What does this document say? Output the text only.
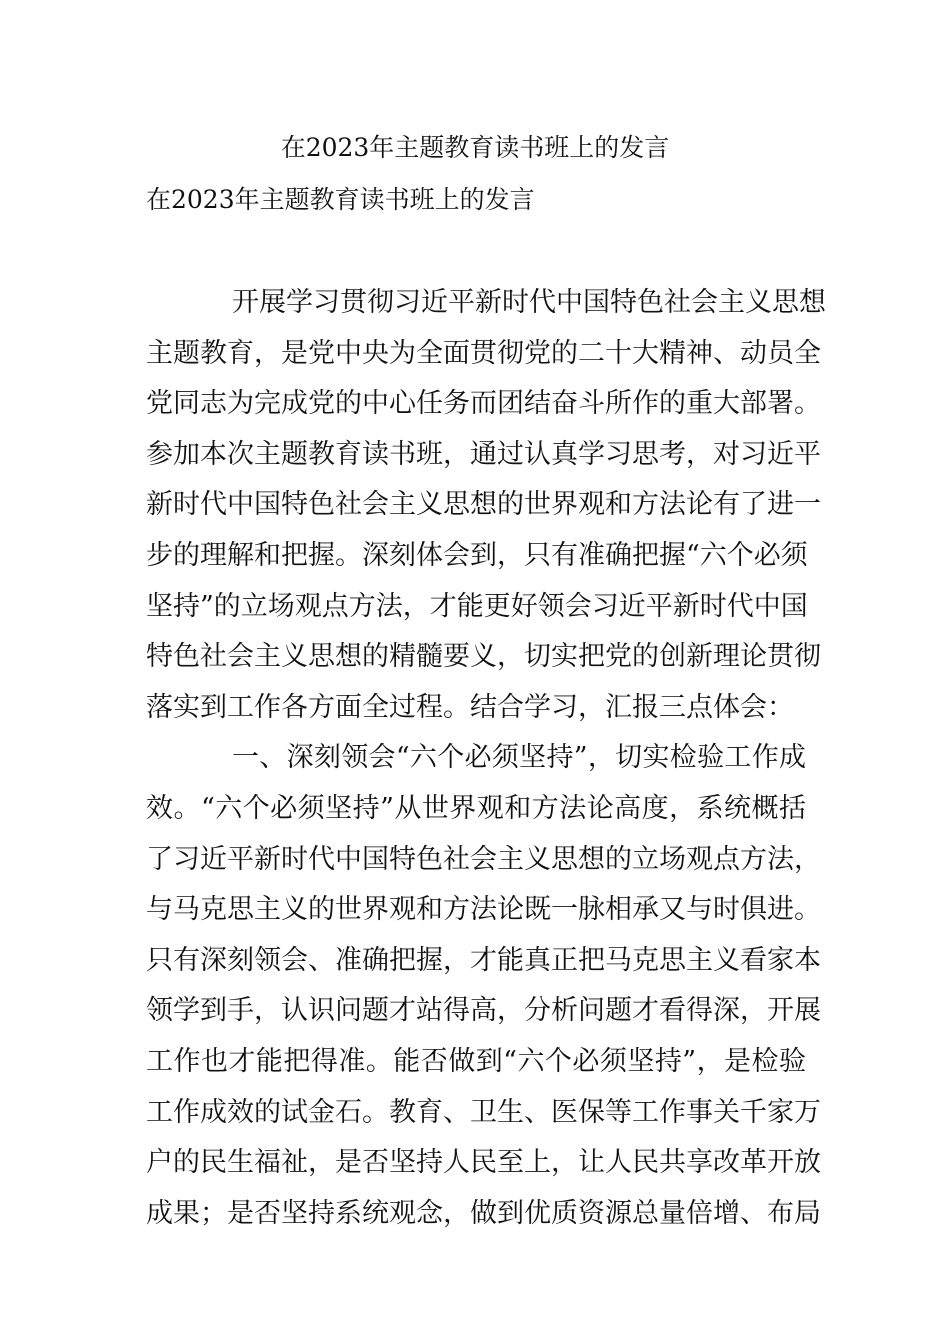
在2023年主题教育读书班上的发言
在2023年主题教育读书班上的发言
开展学习贯彻习近平新时代中国特色社会主义思想
主题教育，是党中央为全面贯彻党的二十大精神、动员全
党同志为完成党的中心任务而团结奋斗所作的重大部署。
参加本次主题教育读书班，通过认真学习思考，对习近平
新时代中国特色社会主义思想的世界观和方法论有了进一
步的理解和把握。深刻体会到，只有准确把握“六个必须
坚持”的立场观点方法，才能更好领会习近平新时代中国
特色社会主义思想的精髓要义，切实把党的创新理论贯彻
落实到工作各方面全过程。结合学习，汇报三点体会：
一、深刻领会“六个必须坚持”，切实检验工作成
效。“六个必须坚持”从世界观和方法论高度，系统概括
了习近平新时代中国特色社会主义思想的立场观点方法，
与马克思主义的世界观和方法论既一脉相承又与时俱进。
只有深刻领会、准确把握，才能真正把马克思主义看家本
领学到手，认识问题才站得高，分析问题才看得深，开展
工作也才能把得准。能否做到“六个必须坚持”，是检验
工作成效的试金石。教育、卫生、医保等工作事关千家万
户的民生福祉，是否坚持人民至上，让人民共享改革开放
成果；是否坚持系统观念，做到优质资源总量倍增、布局
